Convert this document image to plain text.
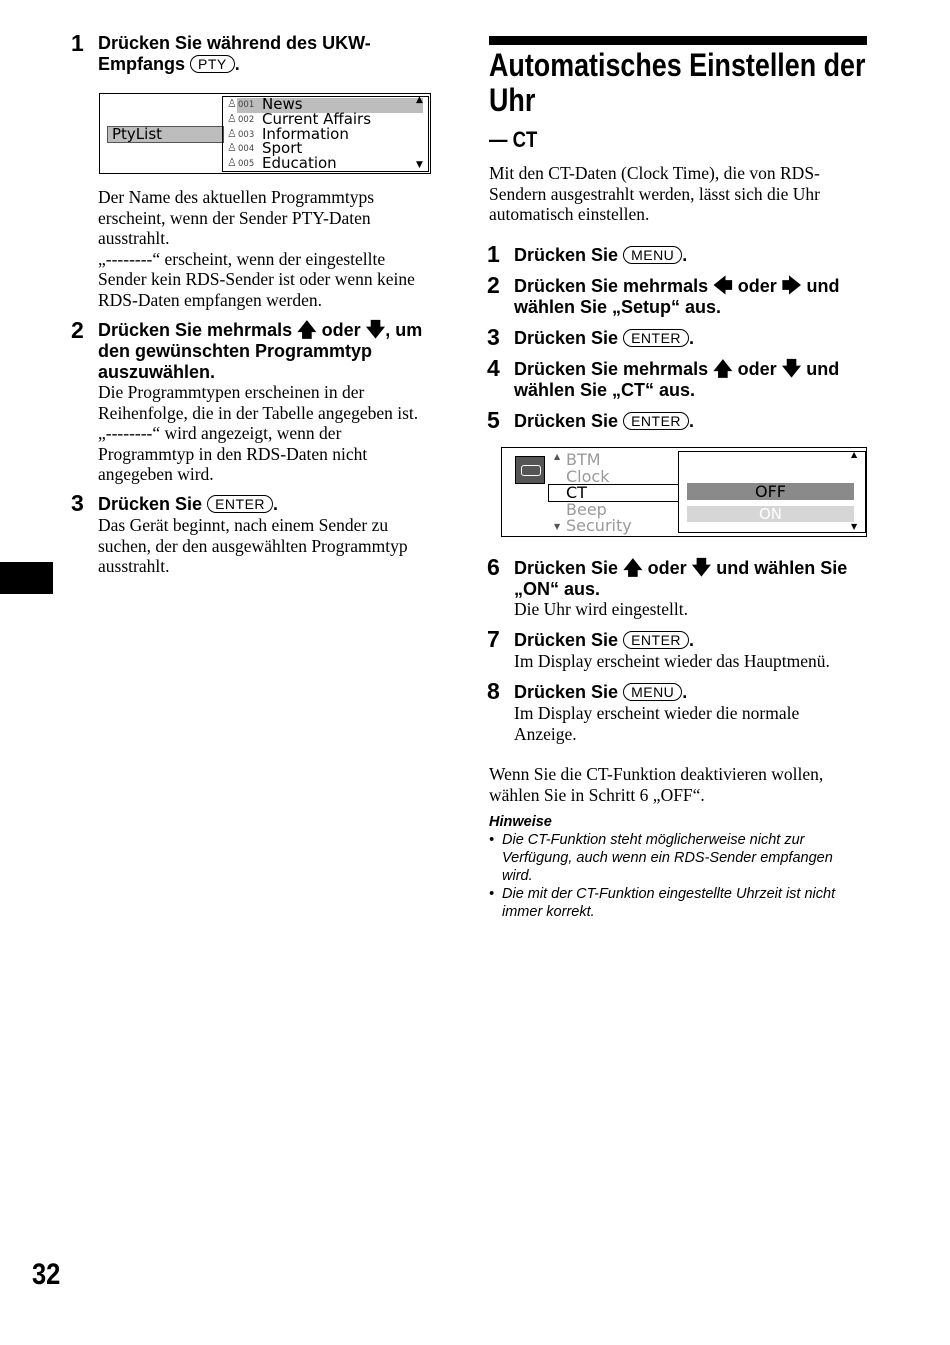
1 Drücken Sie während des UKW-
Empfangs PTY .
PtyList
♙ 001 News
♙ 002 Current Affairs
♙ 003 Information
♙ 004 Sport
♙ 005 Education
▲
▼
Der Name des aktuellen Programmtyps
erscheint, wenn der Sender PTY-Daten
ausstrahlt.
„--------“ erscheint, wenn der eingestellte
Sender kein RDS-Sender ist oder wenn keine
RDS-Daten empfangen werden.
2 Drücken Sie mehrmals 🡅 oder 🡇, um
den gewünschten Programmtyp
auszuwählen.
Die Programmtypen erscheinen in der
Reihenfolge, die in der Tabelle angegeben ist.
„--------“ wird angezeigt, wenn der
Programmtyp in den RDS-Daten nicht
angegeben wird.
3 Drücken Sie ENTER .
Das Gerät beginnt, nach einem Sender zu
suchen, der den ausgewählten Programmtyp
ausstrahlt.
32
Automatisches Einstellen der
Uhr
— CT
Mit den CT-Daten (Clock Time), die von RDS-
Sendern ausgestrahlt werden, lässt sich die Uhr
automatisch einstellen.
1 Drücken Sie MENU .
2 Drücken Sie mehrmals 🡄 oder 🡆 und
wählen Sie „Setup“ aus.
3 Drücken Sie ENTER .
4 Drücken Sie mehrmals 🡅 oder 🡇 und
wählen Sie „CT“ aus.
5 Drücken Sie ENTER .
▲
▼
BTM
Clock
CT
Beep
Security
OFF
ON
▲
▼
6 Drücken Sie 🡅 oder 🡇 und wählen Sie
„ON“ aus.
Die Uhr wird eingestellt.
7 Drücken Sie ENTER .
Im Display erscheint wieder das Hauptmenü.
8 Drücken Sie MENU .
Im Display erscheint wieder die normale
Anzeige.
Wenn Sie die CT-Funktion deaktivieren wollen,
wählen Sie in Schritt 6 „OFF“.
Hinweise
• Die CT-Funktion steht möglicherweise nicht zur
Verfügung, auch wenn ein RDS-Sender empfangen
wird.
• Die mit der CT-Funktion eingestellte Uhrzeit ist nicht
immer korrekt.
